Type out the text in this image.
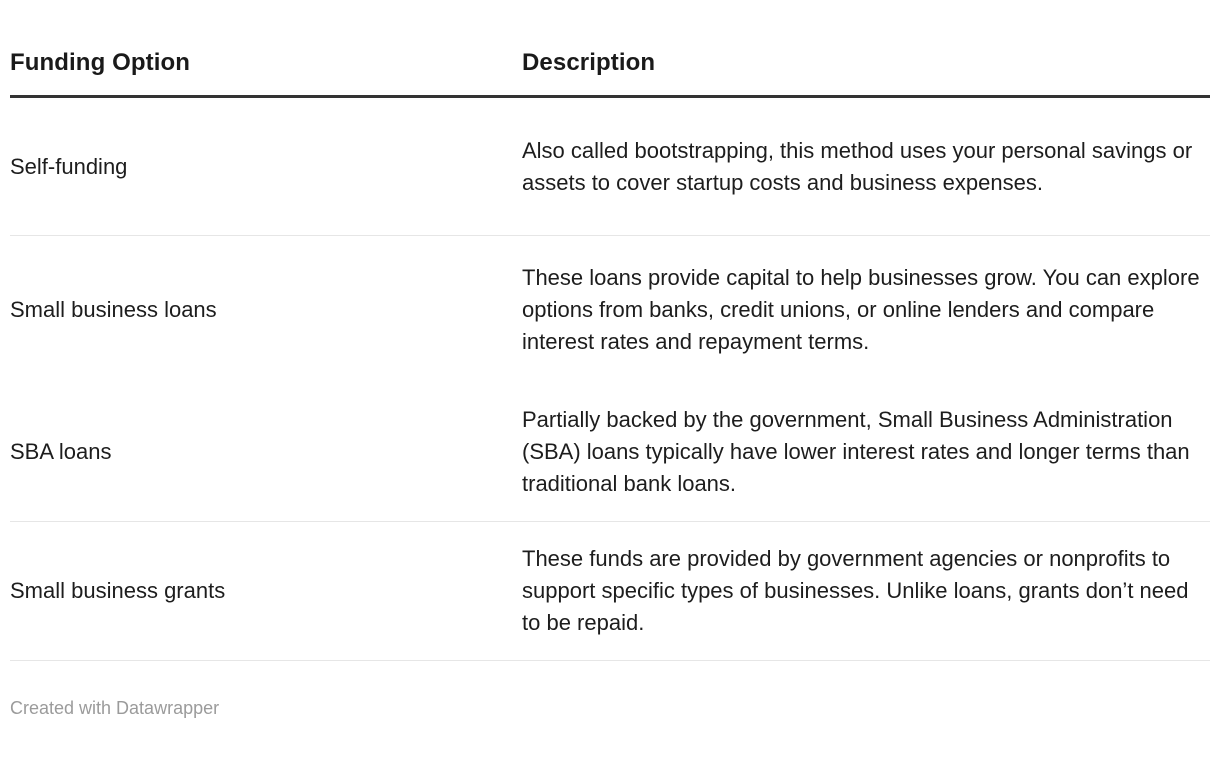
Funding Option	Description
Self-funding
Also called bootstrapping, this method uses your personal savings or assets to cover startup costs and business expenses.
Small business loans
These loans provide capital to help businesses grow. You can explore options from banks, credit unions, or online lenders and compare interest rates and repayment terms.
SBA loans
Partially backed by the government, Small Business Administration (SBA) loans typically have lower interest rates and longer terms than traditional bank loans.
Small business grants
These funds are provided by government agencies or nonprofits to support specific types of businesses. Unlike loans, grants don’t need to be repaid.
Created with Datawrapper
